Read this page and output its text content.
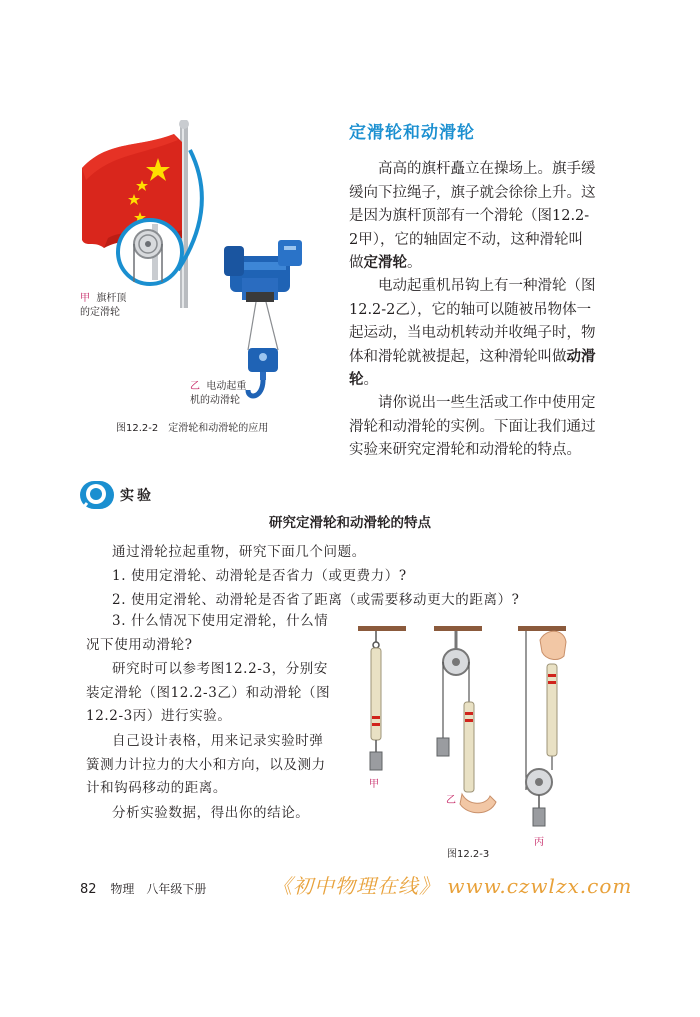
甲 旗杆顶
的定滑轮
乙 电动起重
机的动滑轮
图12.2-2　定滑轮和动滑轮的应用
定滑轮和动滑轮

高高的旗杆矗立在操场上。旗手缓缓向下拉绳子，旗子就会徐徐上升。这是因为旗杆顶部有一个滑轮（图12.2-2甲），它的轴固定不动，这种滑轮叫做定滑轮。

电动起重机吊钩上有一种滑轮（图12.2-2乙），它的轴可以随被吊物体一起运动，当电动机转动并收绳子时，物体和滑轮就被提起，这种滑轮叫做动滑轮。

请你说出一些生活或工作中使用定滑轮和动滑轮的实例。下面让我们通过实验来研究定滑轮和动滑轮的特点。

实验
研究定滑轮和动滑轮的特点
通过滑轮拉起重物，研究下面几个问题。
1. 使用定滑轮、动滑轮是否省力（或更费力）?
2. 使用定滑轮、动滑轮是否省了距离（或需要移动更大的距离）?

3. 什么情况下使用定滑轮，什么情况下使用动滑轮?

研究时可以参考图12.2-3，分别安装定滑轮（图12.2-3乙）和动滑轮（图12.2-3丙）进行实验。

自己设计表格，用来记录实验时弹簧测力计拉力的大小和方向，以及测力计和钩码移动的距离。

分析实验数据，得出你的结论。

甲
乙
丙
图12.2-3
82 物理　八年级下册	《初中物理在线》 www.czwlzx.com
